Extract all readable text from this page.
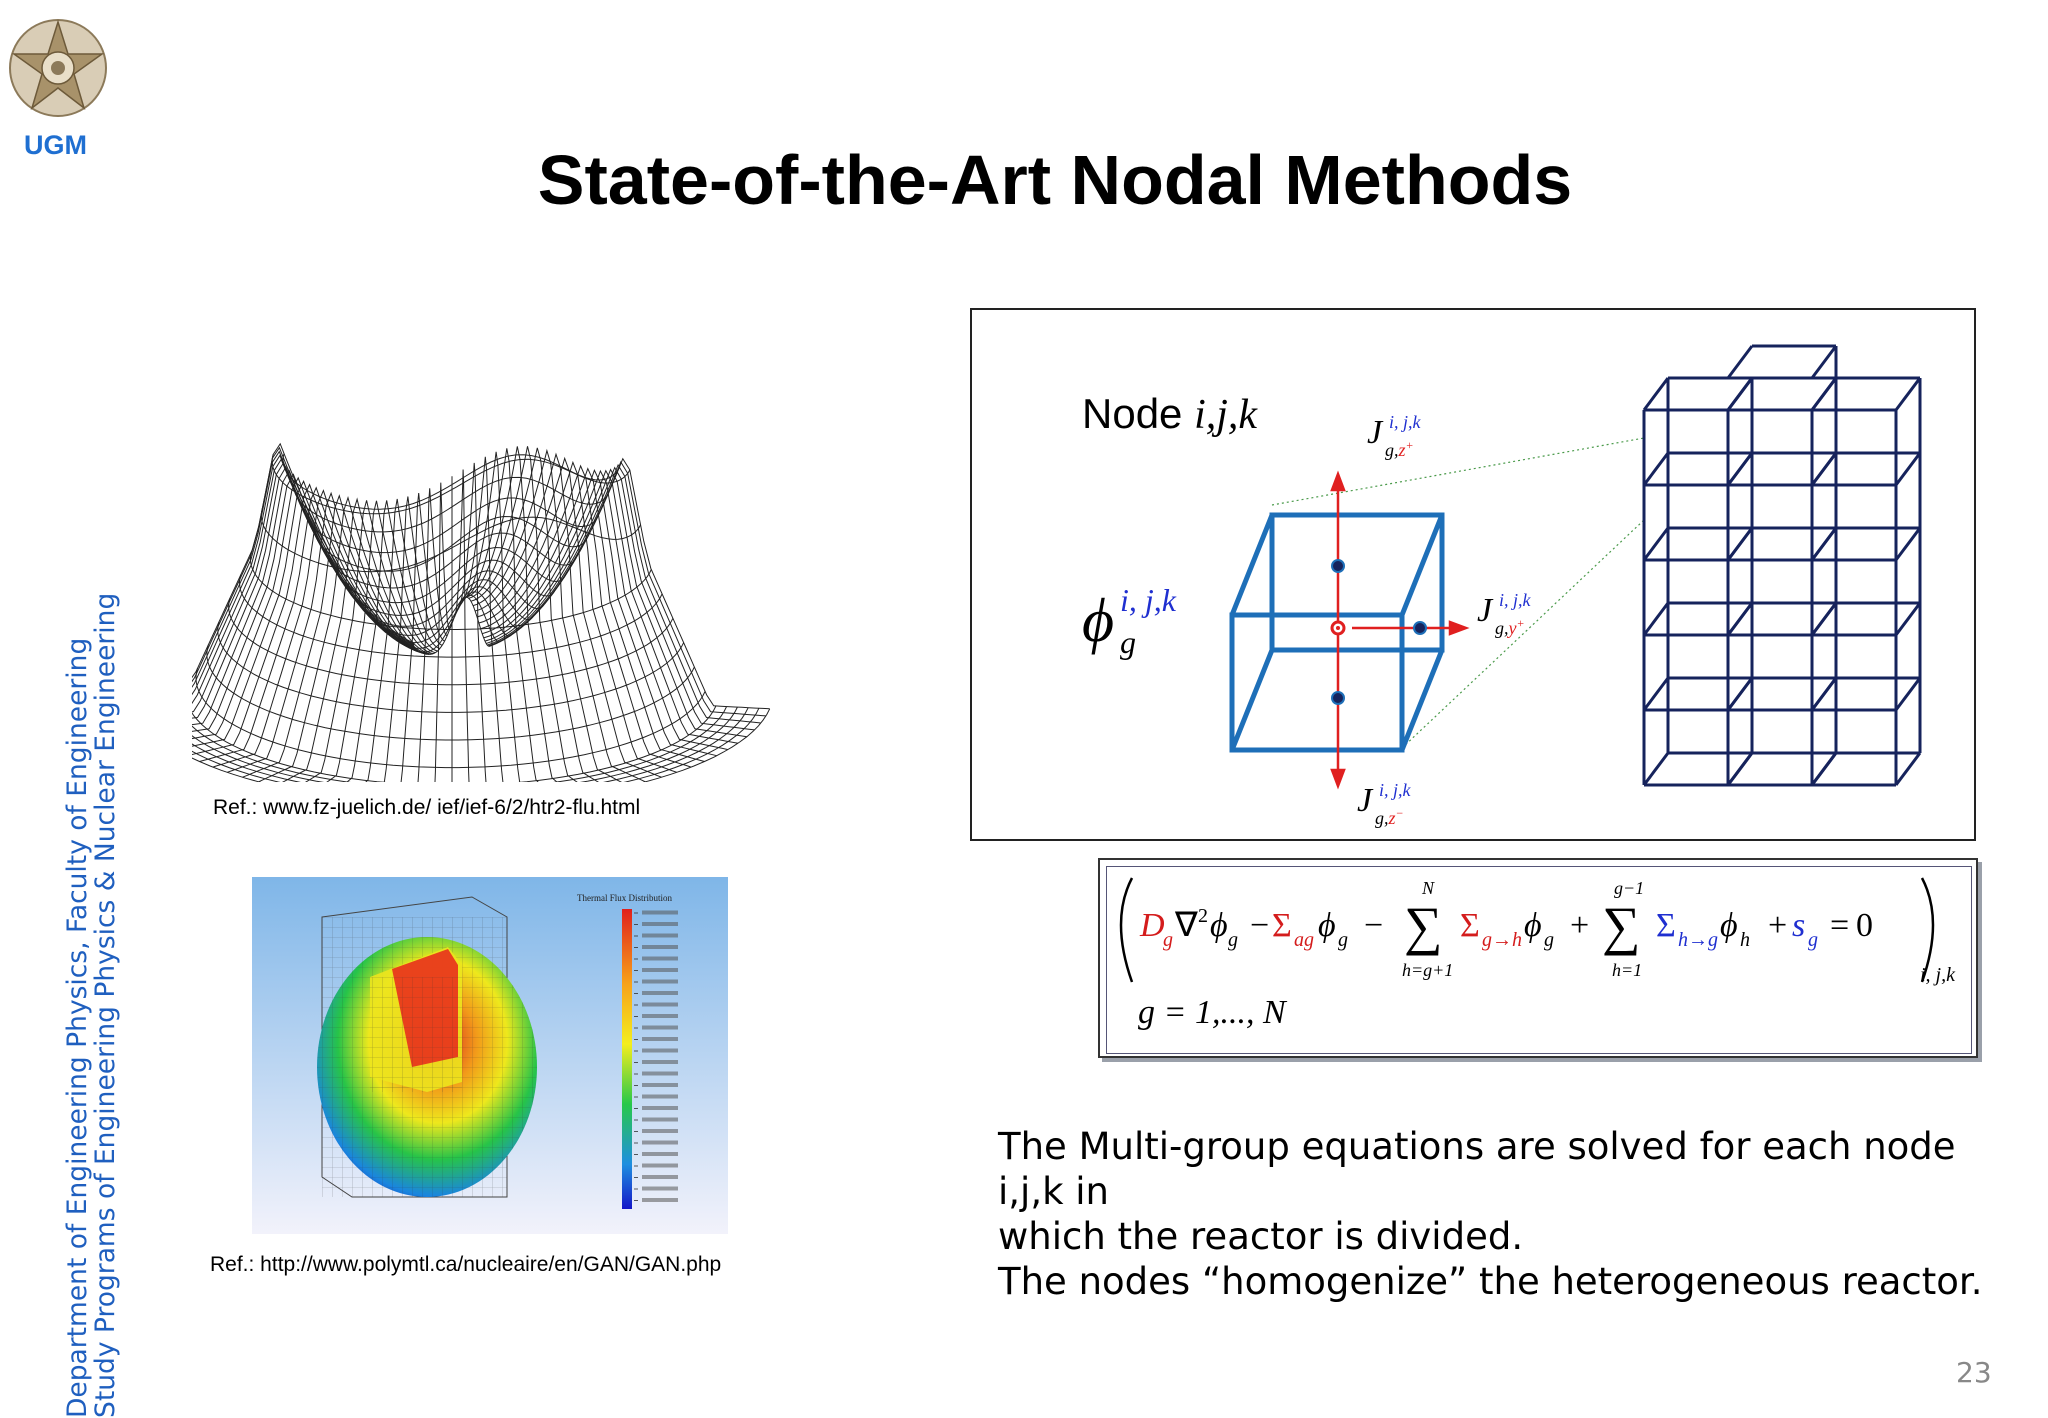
UGM
Department of Engineering Physics, Faculty of Engineering
Study Programs of Engineering Physics & Nuclear Engineering
State-of-the-Art Nodal Methods
Ref.: www.fz-juelich.de/ ief/ief-6/2/htr2-flu.html
Thermal Flux Distribution
Ref.: http://www.polymtl.ca/nucleaire/en/GAN/GAN.php
Node i,j,k
ϕ i, j,k
g
J i, j,k
g,z+
J i, j,k
g,y+
J i, j,k
g,z−
D
g ∇ 2 ϕ g − Σ ag ϕ g − ∑ Σ g→h ϕ g + ∑ Σ h→g ϕ h + s g = 0
N
h=g+1
g−1
h=1	i, j,k
g = 1,..., N
The Multi-group equations are solved for each node i,j,k in
which the reactor is divided.
The nodes “homogenize” the heterogeneous reactor.
23
